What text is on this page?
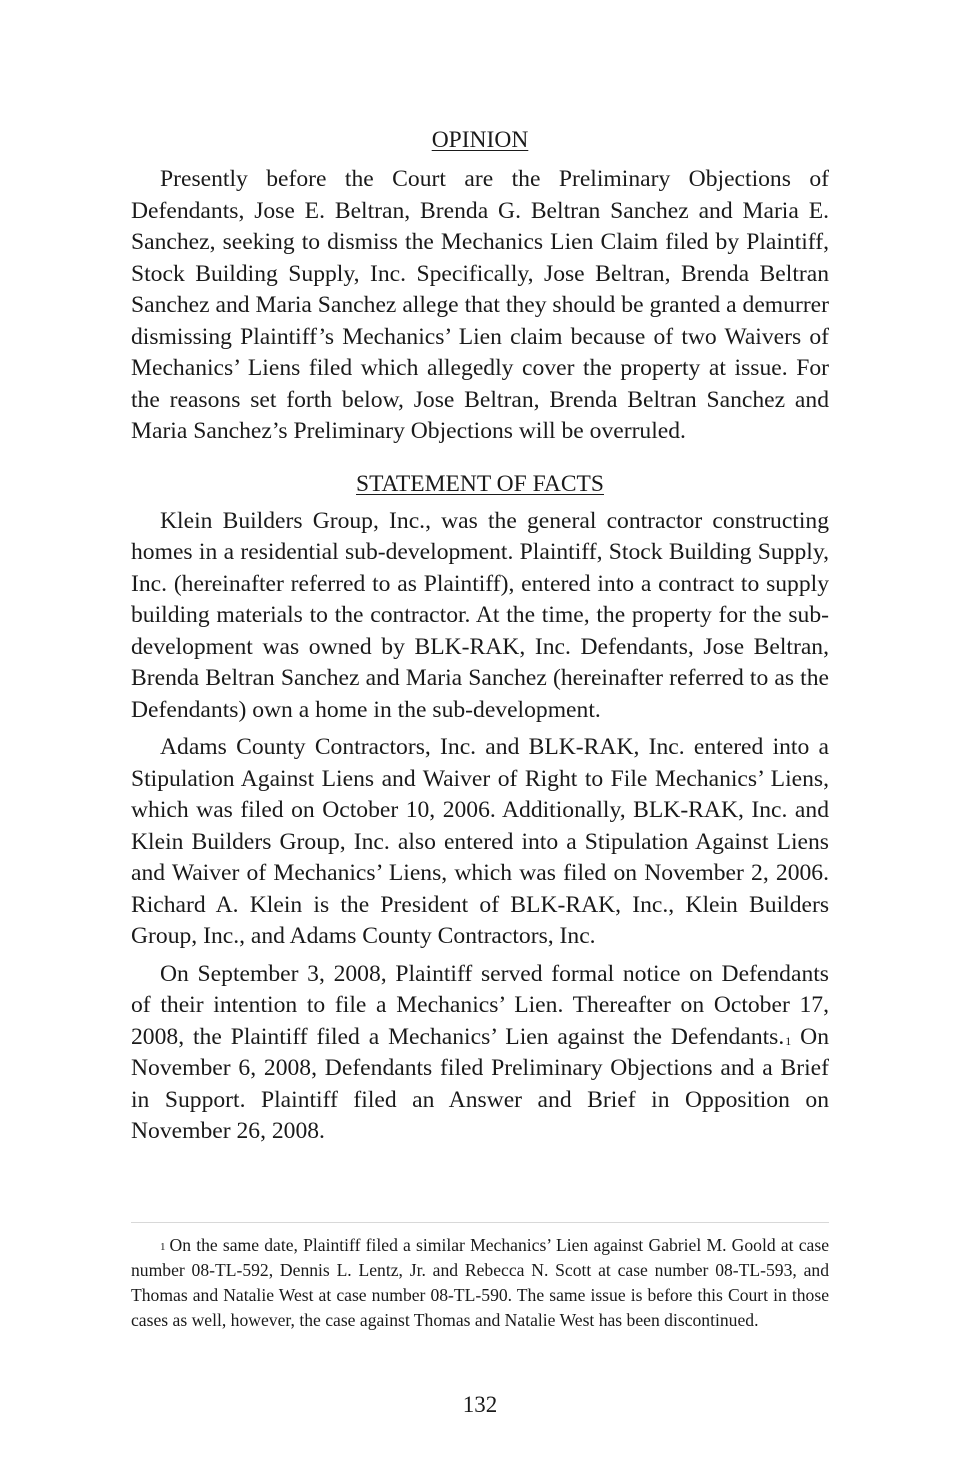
OPINION

Presently before the Court are the Preliminary Objections of Defendants, Jose E. Beltran, Brenda G. Beltran Sanchez and Maria E. Sanchez, seeking to dismiss the Mechanics Lien Claim filed by Plaintiff, Stock Building Supply, Inc. Specifically, Jose Beltran, Brenda Beltran Sanchez and Maria Sanchez allege that they should be granted a demurrer dismissing Plaintiff’s Mechanics’ Lien claim because of two Waivers of Mechanics’ Liens filed which allegedly cover the property at issue. For the reasons set forth below, Jose Beltran, Brenda Beltran Sanchez and Maria Sanchez’s Preliminary Objections will be overruled.

STATEMENT OF FACTS

Klein Builders Group, Inc., was the general contractor constructing homes in a residential sub-development. Plaintiff, Stock Building Supply, Inc. (hereinafter referred to as Plaintiff), entered into a contract to supply building materials to the contractor. At the time, the property for the sub-development was owned by BLK-RAK, Inc. Defendants, Jose Beltran, Brenda Beltran Sanchez and Maria Sanchez (hereinafter referred to as the Defendants) own a home in the sub-development.

Adams County Contractors, Inc. and BLK-RAK, Inc. entered into a Stipulation Against Liens and Waiver of Right to File Mechanics’ Liens, which was filed on October 10, 2006. Additionally, BLK-RAK, Inc. and Klein Builders Group, Inc. also entered into a Stipulation Against Liens and Waiver of Mechanics’ Liens, which was filed on November 2, 2006. Richard A. Klein is the President of BLK-RAK, Inc., Klein Builders Group, Inc., and Adams County Contractors, Inc.

On September 3, 2008, Plaintiff served formal notice on Defendants of their intention to file a Mechanics’ Lien. Thereafter on October 17, 2008, the Plaintiff filed a Mechanics’ Lien against the Defendants.$^1$ On November 6, 2008, Defendants filed Preliminary Objections and a Brief in Support. Plaintiff filed an Answer and Brief in Opposition on November 26, 2008.

$^1$ On the same date, Plaintiff filed a similar Mechanics’ Lien against Gabriel M. Goold at case number 08-TL-592, Dennis L. Lentz, Jr. and Rebecca N. Scott at case number 08-TL-593, and Thomas and Natalie West at case number 08-TL-590. The same issue is before this Court in those cases as well, however, the case against Thomas and Natalie West has been discontinued.

132
